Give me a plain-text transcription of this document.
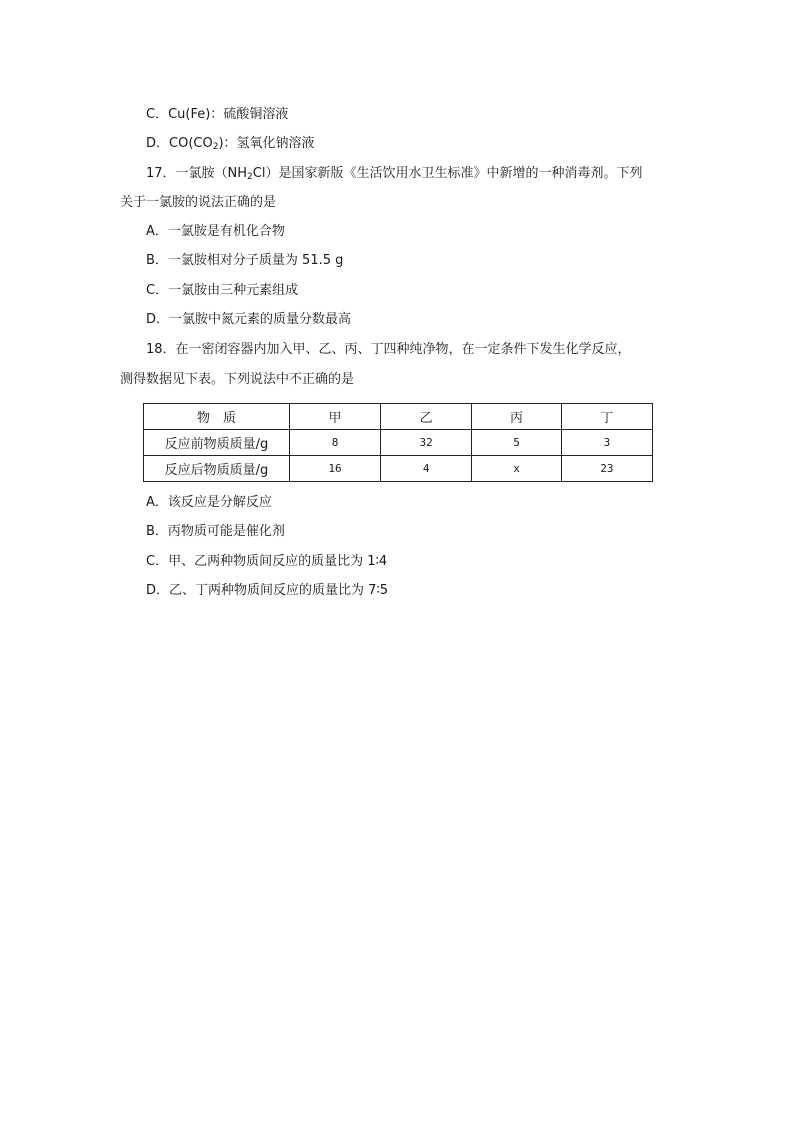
C．Cu(Fe)：硫酸铜溶液
D．$CO(CO_2)$：氢氧化钠溶液
17．一氯胺$(NH_2Cl)$是国家新版《生活饮用水卫生标准》中新增的一种消毒剂。下列
关于一氯胺的说法正确的是
A．一氯胺是有机化合物
B．一氯胺相对分子质量为 51.5 g
C．一氯胺由三种元素组成
D．一氯胺中氮元素的质量分数最高
18．在一密闭容器内加入甲、乙、丙、丁四种纯净物，在一定条件下发生化学反应，
测得数据见下表。下列说法中不正确的是
物　质	甲	乙	丙	丁
反应前物质质量/g	8	32	5	3
反应后物质质量/g	16	4	x	23
A．该反应是分解反应
B．丙物质可能是催化剂
C．甲、乙两种物质间反应的质量比为 1∶4
D．乙、丁两种物质间反应的质量比为 7∶5
